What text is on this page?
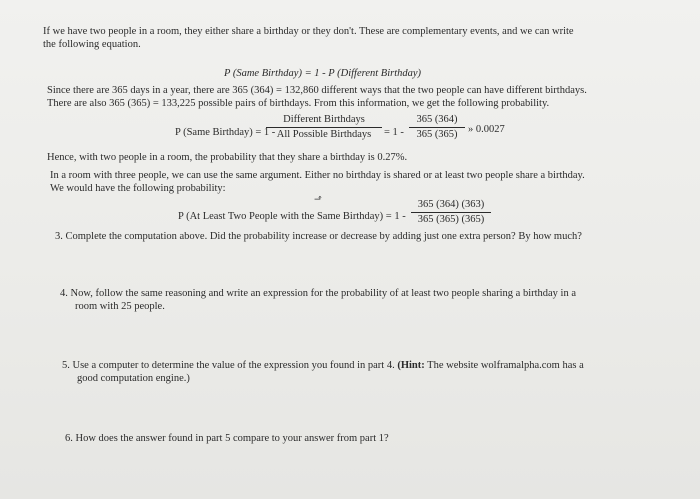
If we have two people in a room, they either share a birthday or they don't. These are complementary events, and we can write
the following equation.
P (Same Birthday) = 1 - P (Different Birthday)
Since there are 365 days in a year, there are 365 (364) = 132,860 different ways that the two people can have different birthdays.
There are also 365 (365) = 133,225 possible pairs of birthdays. From this information, we get the following probability.
P (Same Birthday) = 1 -
Different Birthdays
All Possible Birthdays	= $1 - \frac{365 (364)}{365 (365)}$ » 0.0027
Hence, with two people in a room, the probability that they share a birthday is 0.27%.
In a room with three people, we can use the same argument. Either no birthday is shared or at least two people share a birthday.
We would have the following probability:
⬏
P (At Least Two People with the Same Birthday) = $1 - \frac{365 (364) (363)}{365 (365) (365)}$
3. Complete the computation above. Did the probability increase or decrease by adding just one extra person? By how much?
4. Now, follow the same reasoning and write an expression for the probability of at least two people sharing a birthday in a
room with 25 people.
5. Use a computer to determine the value of the expression you found in part 4. (Hint: The website wolframalpha.com has a
good computation engine.)
6. How does the answer found in part 5 compare to your answer from part 1?
